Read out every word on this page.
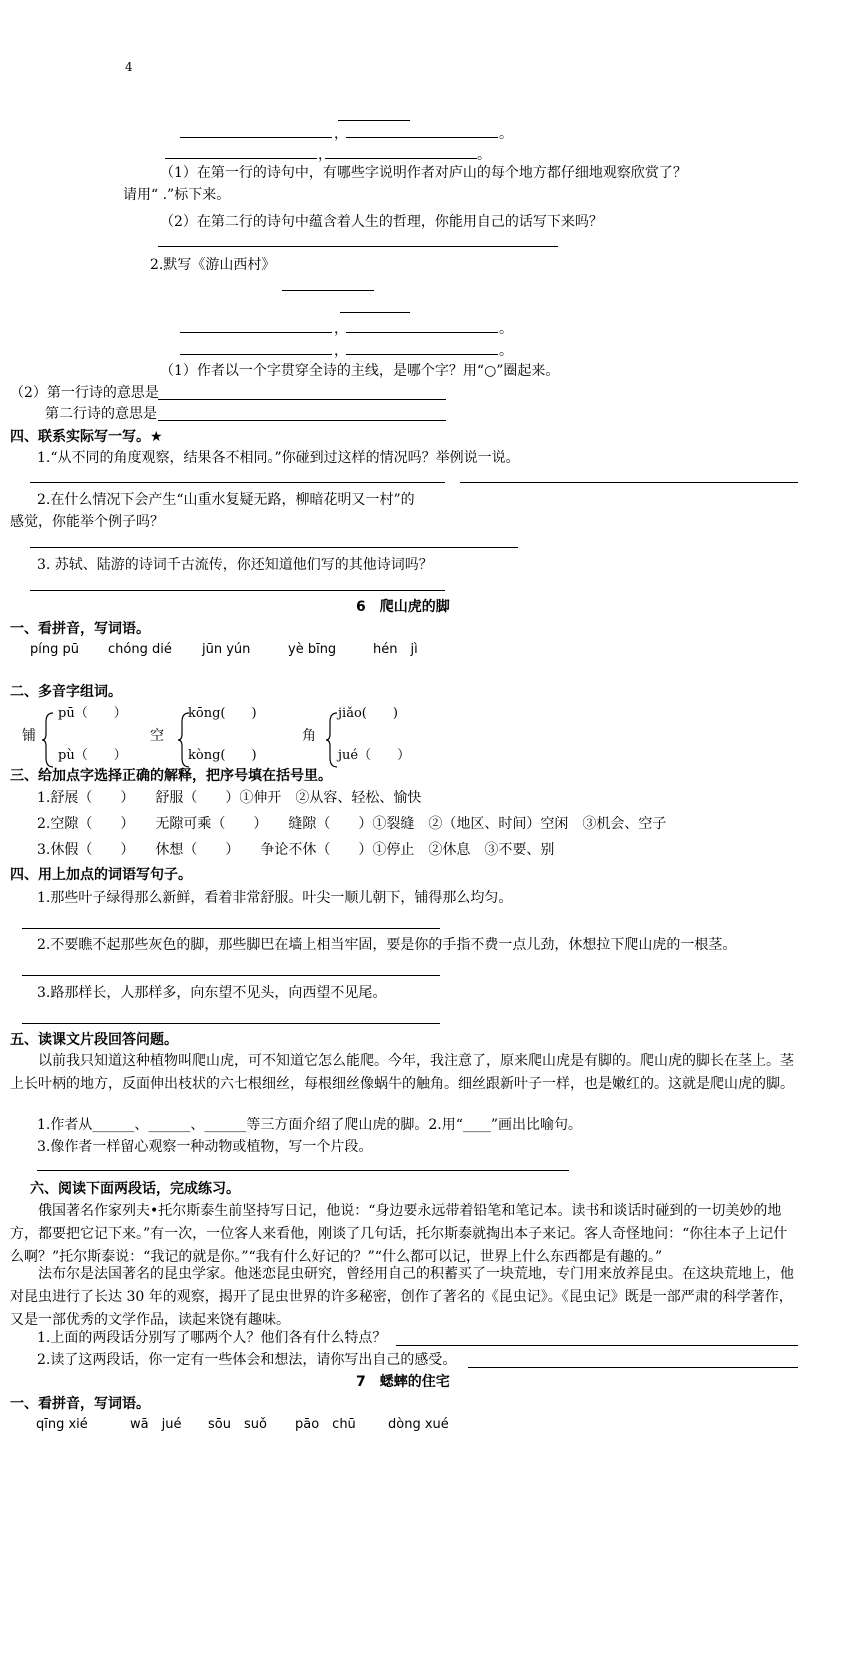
4
，	。
，	。
（1）在第一行的诗句中，有哪些字说明作者对庐山的每个地方都仔细地观察欣赏了？
请用“ .”标下来。
（2）在第二行的诗句中蕴含着人生的哲理，你能用自己的话写下来吗？
2.默写《游山西村》
，	。
，	。
（1）作者以一个字贯穿全诗的主线，是哪个字？用“○”圈起来。
（2）第一行诗的意思是
第二行诗的意思是
四、联系实际写一写。★
1.“从不同的角度观察，结果各不相同。”你碰到过这样的情况吗？举例说一说。
2.在什么情况下会产生“山重水复疑无路，柳暗花明又一村”的
感觉，你能举个例子吗？
3. 苏轼、陆游的诗词千古流传，你还知道他们写的其他诗词吗？
6　爬山虎的脚
一、看拼音，写词语。
píng pū chóng dié jūn yún	yè bīng	hén　jì
二、多音字组词。
铺
pū（　　）
pù（　　）
空
kōng(　　)
kòng(　　)
角
jiǎo(　　)
jué（　　）
三、给加点字选择正确的解释，把序号填在括号里。
1.舒展（　　）　　舒服（　　）①伸开　②从容、轻松、愉快
2.空隙（　　）　　无隙可乘（　　）　　缝隙（　　）①裂缝　②（地区、时间）空闲　③机会、空子
3.休假（　　）　　休想（　　）　　争论不休（　　）①停止　②休息　③不要、别
四、用上加点的词语写句子。
1.那些叶子绿得那么新鲜，看着非常舒服。叶尖一顺儿朝下，铺得那么均匀。
2.不要瞧不起那些灰色的脚，那些脚巴在墙上相当牢固，要是你的手指不费一点儿劲，休想拉下爬山虎的一根茎。
3.路那样长，人那样多，向东望不见头，向西望不见尾。
五、读课文片段回答问题。
以前我只知道这种植物叫爬山虎，可不知道它怎么能爬。今年，我注意了，原来爬山虎是有脚的。爬山虎的脚长在茎上。茎上长叶柄的地方，反面伸出枝状的六七根细丝，每根细丝像蜗牛的触角。细丝跟新叶子一样，也是嫩红的。这就是爬山虎的脚。
1.作者从______、______、______等三方面介绍了爬山虎的脚。2.用“____”画出比喻句。
3.像作者一样留心观察一种动物或植物，写一个片段。
六、阅读下面两段话，完成练习。
俄国著名作家列夫•托尔斯泰生前坚持写日记，他说：“身边要永远带着铅笔和笔记本。读书和谈话时碰到的一切美妙的地方，都要把它记下来。”有一次，一位客人来看他，刚谈了几句话，托尔斯泰就掏出本子来记。客人奇怪地问：“你往本子上记什么啊？”托尔斯泰说：“我记的就是你。”“我有什么好记的？”“什么都可以记，世界上什么东西都是有趣的。”
法布尔是法国著名的昆虫学家。他迷恋昆虫研究，曾经用自己的积蓄买了一块荒地，专门用来放养昆虫。在这块荒地上，他对昆虫进行了长达 30 年的观察，揭开了昆虫世界的许多秘密，创作了著名的《昆虫记》。《昆虫记》既是一部严肃的科学著作，又是一部优秀的文学作品，读起来饶有趣味。
1.上面的两段话分别写了哪两个人？他们各有什么特点？
2.读了这两段话，你一定有一些体会和想法，请你写出自己的感受。
7　蟋蟀的住宅
一、看拼音，写词语。
qīng xié	wā　jué sōu　suǒ pāo　chū dòng xué
